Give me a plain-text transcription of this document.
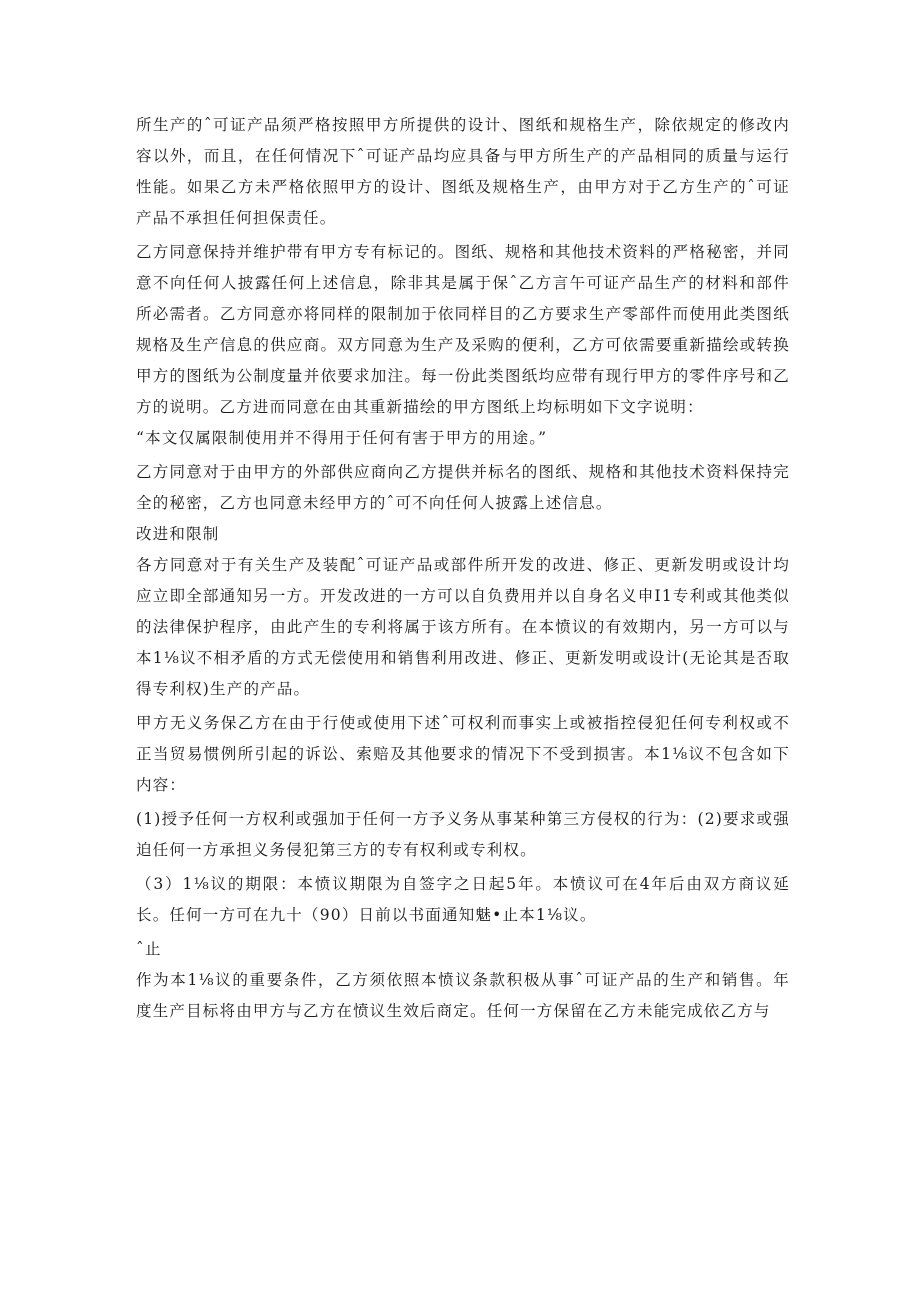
所生产的ˆ可证产品须严格按照甲方所提供的设计、图纸和规格生产，除依规定的修改内容以外，而且，在任何情况下ˆ可证产品均应具备与甲方所生产的产品相同的质量与运行性能。如果乙方未严格依照甲方的设计、图纸及规格生产，由甲方对于乙方生产的ˆ可证产品不承担任何担保责任。

乙方同意保持并维护带有甲方专有标记的。图纸、规格和其他技术资料的严格秘密，并同意不向任何人披露任何上述信息，除非其是属于保ˆ乙方言午可证产品生产的材料和部件所必需者。乙方同意亦将同样的限制加于依同样目的乙方要求生产零部件而使用此类图纸规格及生产信息的供应商。双方同意为生产及采购的便利，乙方可依需要重新描绘或转换甲方的图纸为公制度量并依要求加注。每一份此类图纸均应带有现行甲方的零件序号和乙方的说明。乙方进而同意在由其重新描绘的甲方图纸上均标明如下文字说明：

“本文仅属限制使用并不得用于任何有害于甲方的用途。”

乙方同意对于由甲方的外部供应商向乙方提供并标名的图纸、规格和其他技术资料保持完全的秘密，乙方也同意未经甲方的ˆ可不向任何人披露上述信息。

改进和限制

各方同意对于有关生产及装配ˆ可证产品或部件所开发的改进、修正、更新发明或设计均应立即全部通知另一方。开发改进的一方可以自负费用并以自身名义申I1专利或其他类似的法律保护程序，由此产生的专利将属于该方所有。在本愤议的有效期内，另一方可以与本1⅛议不相矛盾的方式无偿使用和销售利用改进、修正、更新发明或设计(无论其是否取得专利权)生产的产品。

甲方无义务保乙方在由于行使或使用下述ˆ可权利而事实上或被指控侵犯任何专利权或不正当贸易惯例所引起的诉讼、索赔及其他要求的情况下不受到损害。本1⅛议不包含如下内容：

(1)授予任何一方权利或强加于任何一方予义务从事某种第三方侵权的行为：(2)要求或强迫任何一方承担义务侵犯第三方的专有权利或专利权。

（3）1⅛议的期限：本愤议期限为自签字之日起5年。本愤议可在4年后由双方商议延长。任何一方可在九十（90）日前以书面通知魅•止本1⅛议。

ˆ止

作为本1⅛议的重要条件，乙方须依照本愤议条款积极从事ˆ可证产品的生产和销售。年度生产目标将由甲方与乙方在愤议生效后商定。任何一方保留在乙方未能完成依乙方与
